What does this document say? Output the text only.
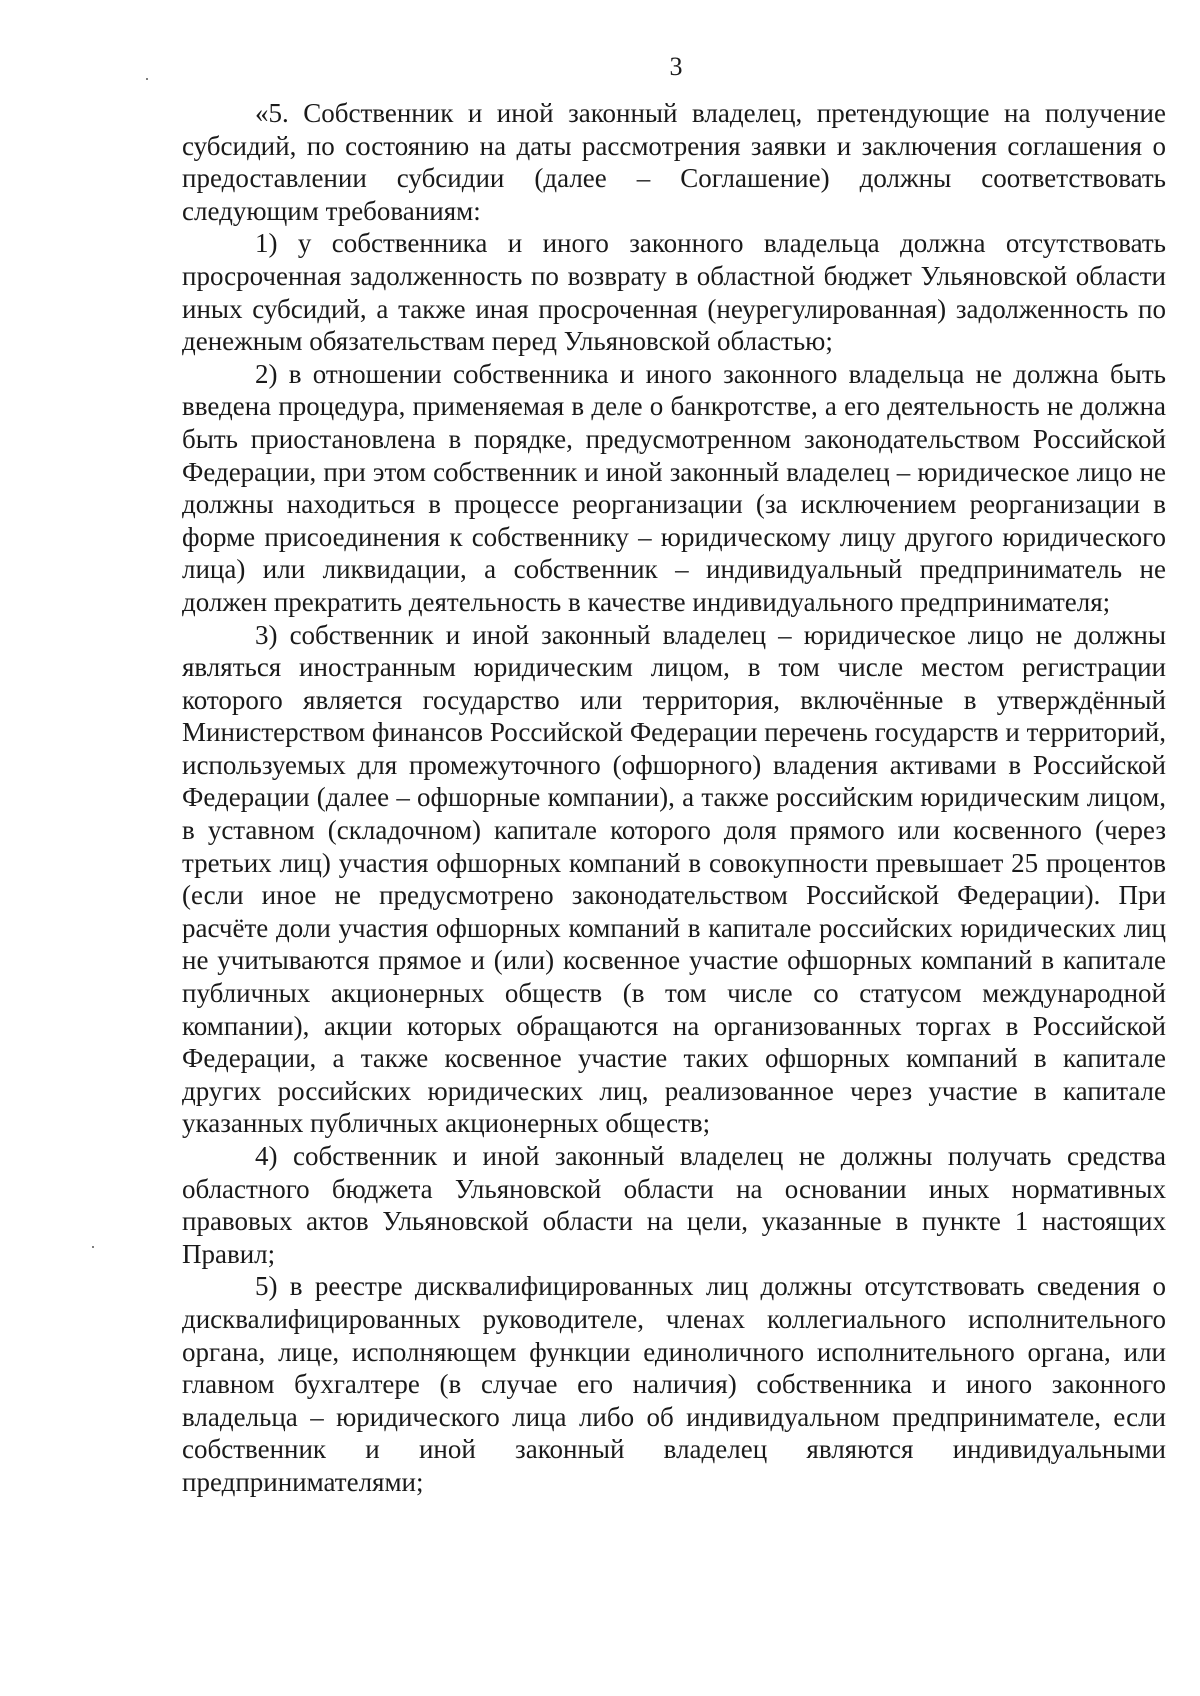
3

«5. Собственник и иной законный владелец, претендующие на получение субсидий, по состоянию на даты рассмотрения заявки и заключения соглашения о предоставлении субсидии (далее – Соглашение) должны соответствовать следующим требованиям:

1) у собственника и иного законного владельца должна отсутствовать просроченная задолженность по возврату в областной бюджет Ульяновской области иных субсидий, а также иная просроченная (неурегулированная) задолженность по денежным обязательствам перед Ульяновской областью;

2) в отношении собственника и иного законного владельца не должна быть введена процедура, применяемая в деле о банкротстве, а его деятельность не должна быть приостановлена в порядке, предусмотренном законодательством Российской Федерации, при этом собственник и иной законный владелец – юридическое лицо не должны находиться в процессе реорганизации (за исключением реорганизации в форме присоединения к собственнику – юридическому лицу другого юридического лица) или ликвидации, а собственник – индивидуальный предприниматель не должен прекратить деятельность в качестве индивидуального предпринимателя;

3) собственник и иной законный владелец – юридическое лицо не должны являться иностранным юридическим лицом, в том числе местом регистрации которого является государство или территория, включённые в утверждённый Министерством финансов Российской Федерации перечень государств и территорий, используемых для промежуточного (офшорного) владения активами в Российской Федерации (далее – офшорные компании), а также российским юридическим лицом, в уставном (складочном) капитале которого доля прямого или косвенного (через третьих лиц) участия офшорных компаний в совокупности превышает 25 процентов (если иное не предусмотрено законодательством Российской Федерации). При расчёте доли участия офшорных компаний в капитале российских юридических лиц не учитываются прямое и (или) косвенное участие офшорных компаний в капитале публичных акционерных обществ (в том числе со статусом международной компании), акции которых обращаются на организованных торгах в Российской Федерации, а также косвенное участие таких офшорных компаний в капитале других российских юридических лиц, реализованное через участие в капитале указанных публичных акционерных обществ;

4) собственник и иной законный владелец не должны получать средства областного бюджета Ульяновской области на основании иных нормативных правовых актов Ульяновской области на цели, указанные в пункте 1 настоящих Правил;

5) в реестре дисквалифицированных лиц должны отсутствовать сведения о дисквалифицированных руководителе, членах коллегиального исполнительного органа, лице, исполняющем функции единоличного исполнительного органа, или главном бухгалтере (в случае его наличия) собственника и иного законного владельца – юридического лица либо об индивидуальном предпринимателе, если собственник и иной законный владелец являются индивидуальными предпринимателями;
